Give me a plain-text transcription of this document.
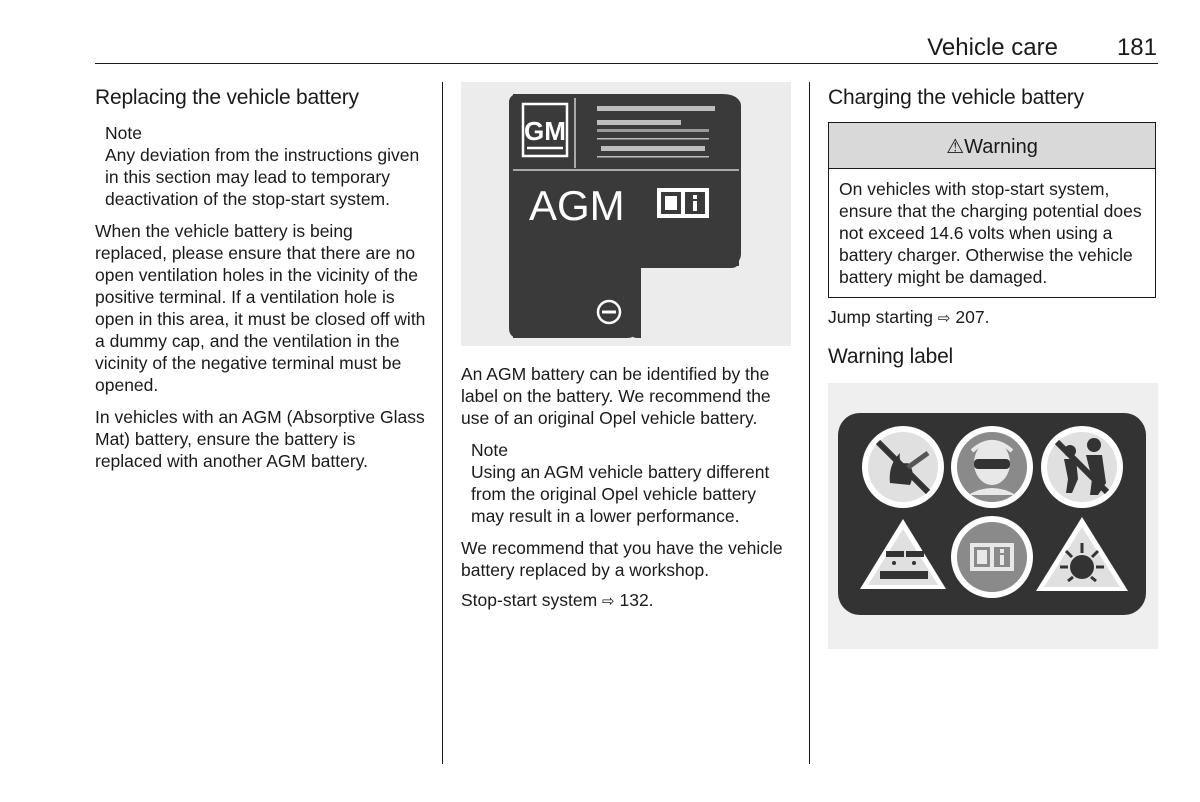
Vehicle care 181
Replacing the vehicle battery
Note

Any deviation from the instructions given in this section may lead to temporary deactivation of the stop-start system.

When the vehicle battery is being replaced, please ensure that there are no open ventilation holes in the vicinity of the positive terminal. If a ventilation hole is open in this area, it must be closed off with a dummy cap, and the ventilation in the vicinity of the negative terminal must be opened.

In vehicles with an AGM (Absorptive Glass Mat) battery, ensure the battery is replaced with another AGM battery.

GM
AGM

An AGM battery can be identified by the label on the battery. We recommend the use of an original Opel vehicle battery.

Note

Using an AGM vehicle battery different from the original Opel vehicle battery may result in a lower performance.

We recommend that you have the vehicle battery replaced by a workshop.

Stop-start system ⇨ 132.

Charging the vehicle battery
⚠Warning

On vehicles with stop-start system, ensure that the charging potential does not exceed 14.6 volts when using a battery charger. Otherwise the vehicle battery might be damaged.

Jump starting ⇨ 207.

Warning label
